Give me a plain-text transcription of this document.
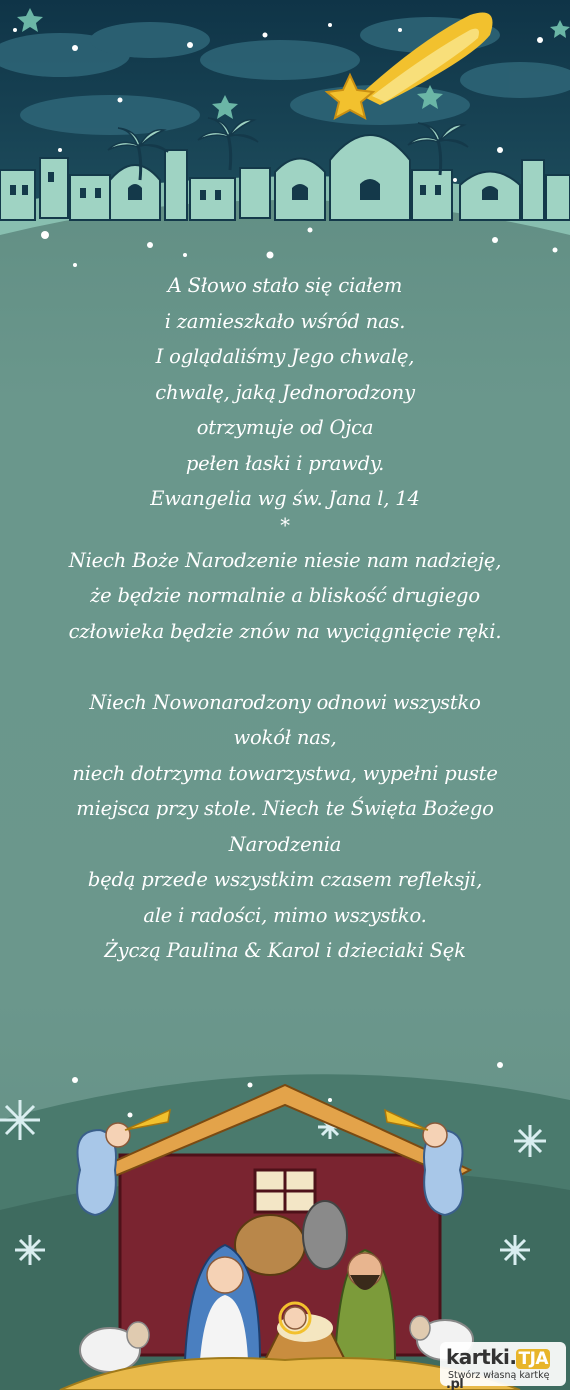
A Słowo stało się ciałem
i zamieszkało wśród nas.
I oglądaliśmy Jego chwalę,
chwalę, jaką Jednorodzony
otrzymuje od Ojca
pełen łaski i prawdy.
Ewangelia wg św. Jana l, 14
*
Niech Boże Narodzenie niesie nam nadzieję,
że będzie normalnie a bliskość drugiego
człowieka będzie znów na wyciągnięcie ręki.
Niech Nowonarodzony odnowi wszystko
wokół nas,
niech dotrzyma towarzystwa, wypełni puste
miejsca przy stole. Niech te Święta Bożego
Narodzenia
będą przede wszystkim czasem refleksji,
ale i radości, mimo wszystko.
Życzą Paulina & Karol i dzieciaki Sęk
kartki. TJA.pl
Stwórz własną kartkę
